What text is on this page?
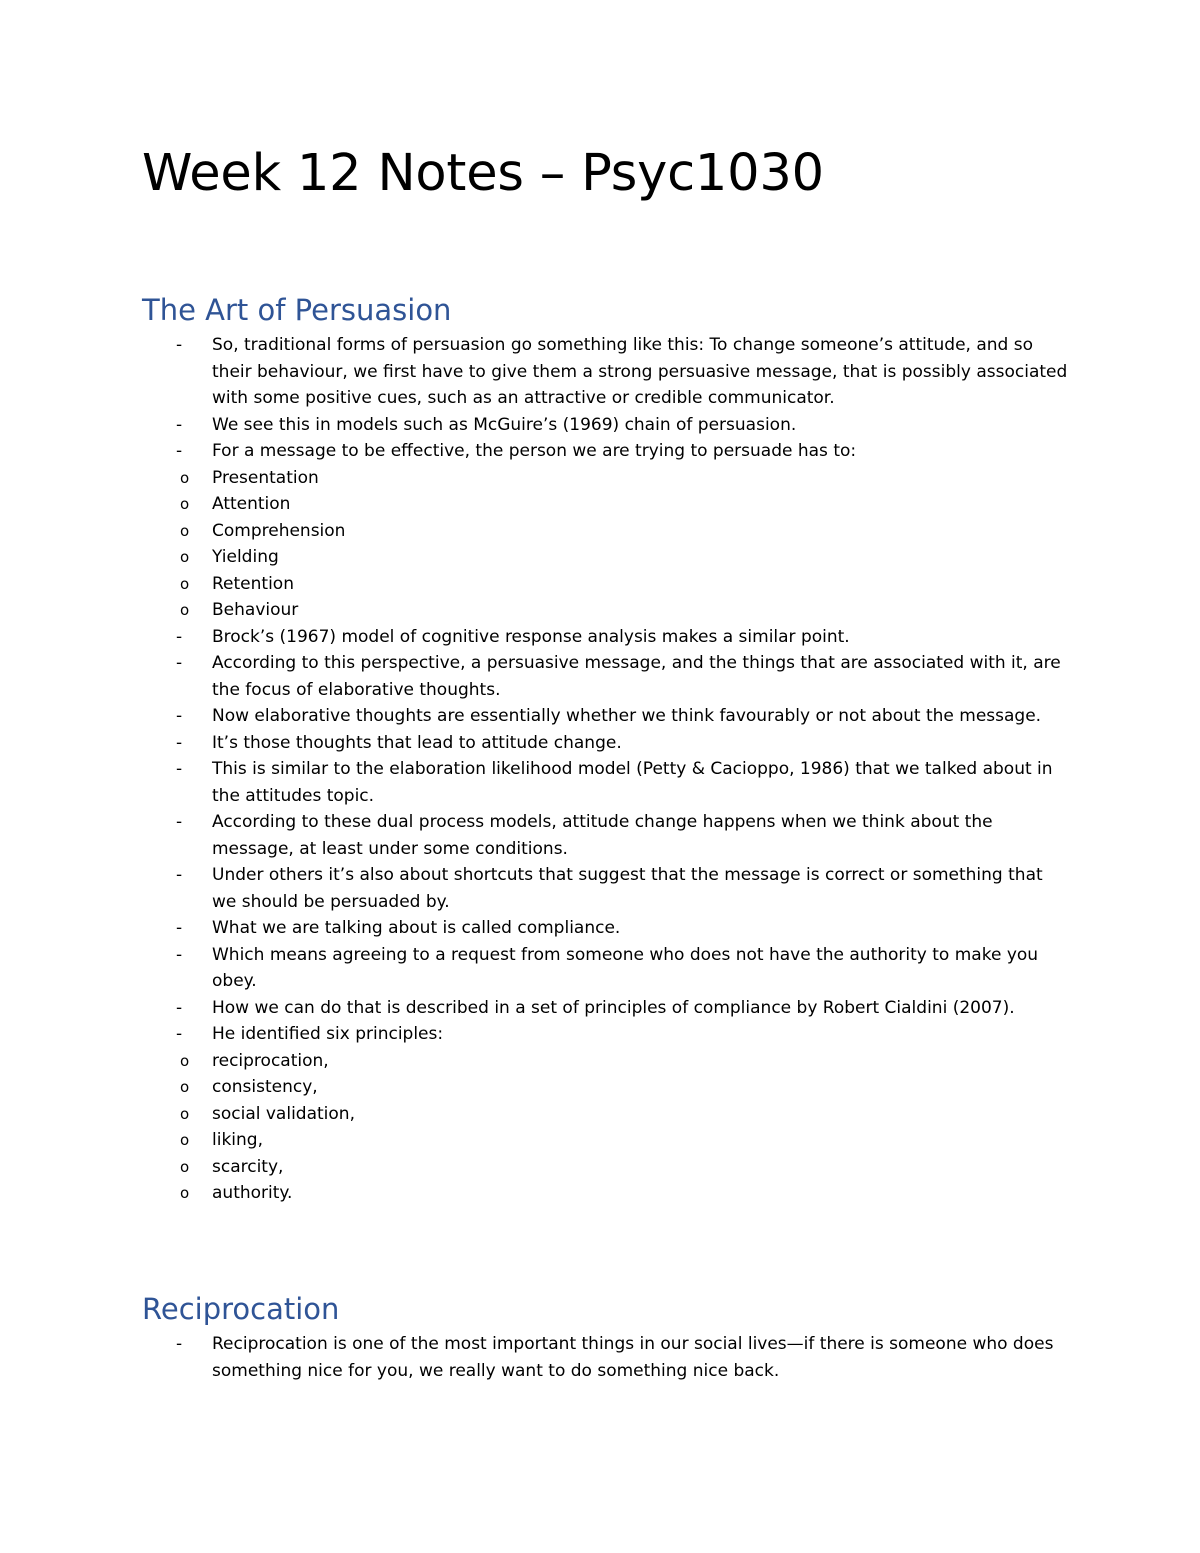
Week 12 Notes – Psyc1030
The Art of Persuasion
- So, traditional forms of persuasion go something like this: To change someone’s attitude, and so their behaviour, we first have to give them a strong persuasive message, that is possibly associated with some positive cues, such as an attractive or credible communicator.
- We see this in models such as McGuire’s (1969) chain of persuasion.
- For a message to be effective, the person we are trying to persuade has to:
o Presentation
o Attention
o Comprehension
o Yielding
o Retention
o Behaviour
- Brock’s (1967) model of cognitive response analysis makes a similar point.
- According to this perspective, a persuasive message, and the things that are associated with it, are the focus of elaborative thoughts.
- Now elaborative thoughts are essentially whether we think favourably or not about the message.
- It’s those thoughts that lead to attitude change.
- This is similar to the elaboration likelihood model (Petty & Cacioppo, 1986) that we talked about in the attitudes topic.
- According to these dual process models, attitude change happens when we think about the message, at least under some conditions.
- Under others it’s also about shortcuts that suggest that the message is correct or something that we should be persuaded by.
- What we are talking about is called compliance.
- Which means agreeing to a request from someone who does not have the authority to make you obey.
- How we can do that is described in a set of principles of compliance by Robert Cialdini (2007).
- He identified six principles:
o reciprocation,
o consistency,
o social validation,
o liking,
o scarcity,
o authority.
Reciprocation
- Reciprocation is one of the most important things in our social lives—if there is someone who does something nice for you, we really want to do something nice back.
